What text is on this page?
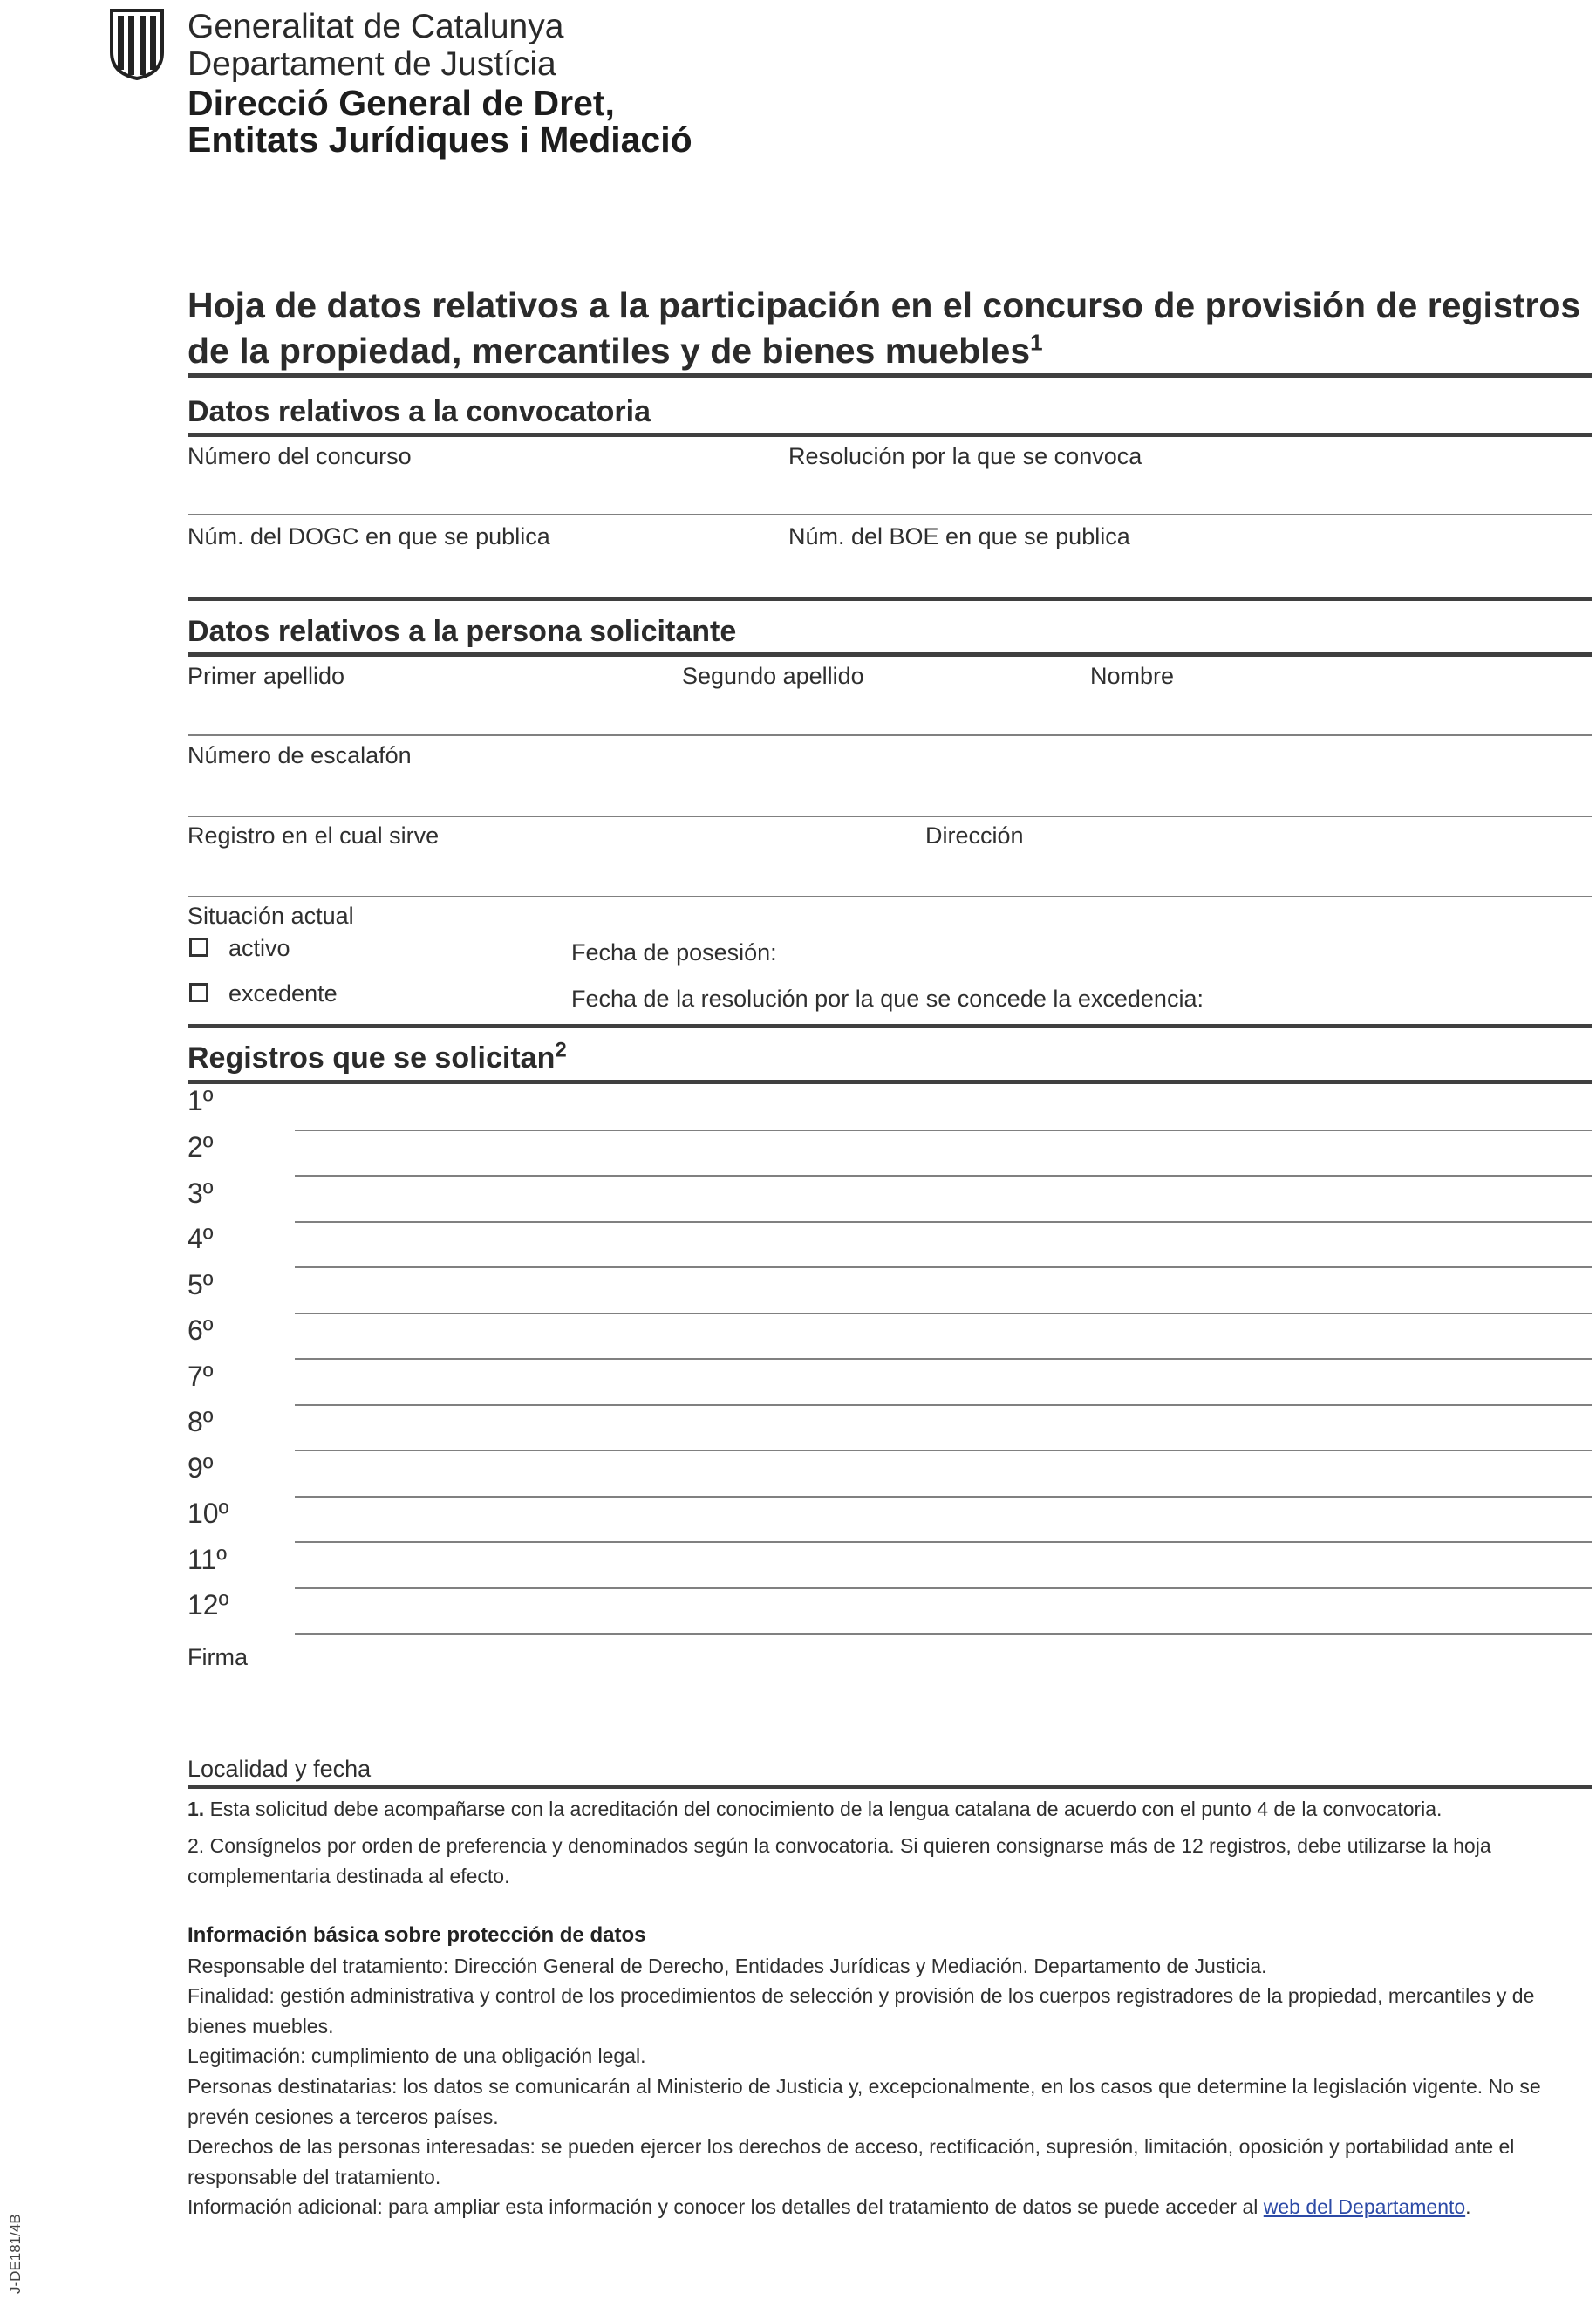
Generalitat de Catalunya
Departament de Justícia
Direcció General de Dret,
Entitats Jurídiques i Mediació
Hoja de datos relativos a la participación en el concurso de provisión de registros
de la propiedad, mercantiles y de bienes muebles$^1$
Datos relativos a la convocatoria
Número del concurso	Resolución por la que se convoca
Núm. del DOGC en que se publica	Núm. del BOE en que se publica
Datos relativos a la persona solicitante
Primer apellido	Segundo apellido	Nombre
Número de escalafón
Registro en el cual sirve	Dirección
Situación actual
activo	Fecha de posesión:
excedente	Fecha de la resolución por la que se concede la excedencia:
Registros que se solicitan$^2$
1º
2º
3º
4º
5º
6º
7º
8º
9º
10º
11º
12º
Firma
Localidad y fecha
1. Esta solicitud debe acompañarse con la acreditación del conocimiento de la lengua catalana de acuerdo con el punto 4 de la convocatoria.
2. Consígnelos por orden de preferencia y denominados según la convocatoria. Si quieren consignarse más de 12 registros, debe utilizarse la hoja complementaria destinada al efecto.
Información básica sobre protección de datos
Responsable del tratamiento: Dirección General de Derecho, Entidades Jurídicas y Mediación. Departamento de Justicia.
Finalidad: gestión administrativa y control de los procedimientos de selección y provisión de los cuerpos registradores de la propiedad, mercantiles y de bienes muebles.
Legitimación: cumplimiento de una obligación legal.
Personas destinatarias: los datos se comunicarán al Ministerio de Justicia y, excepcionalmente, en los casos que determine la legislación vigente. No se prevén cesiones a terceros países.
Derechos de las personas interesadas: se pueden ejercer los derechos de acceso, rectificación, supresión, limitación, oposición y portabilidad ante el responsable del tratamiento.
Información adicional: para ampliar esta información y conocer los detalles del tratamiento de datos se puede acceder al web del Departamento.
J-DE181/4B
